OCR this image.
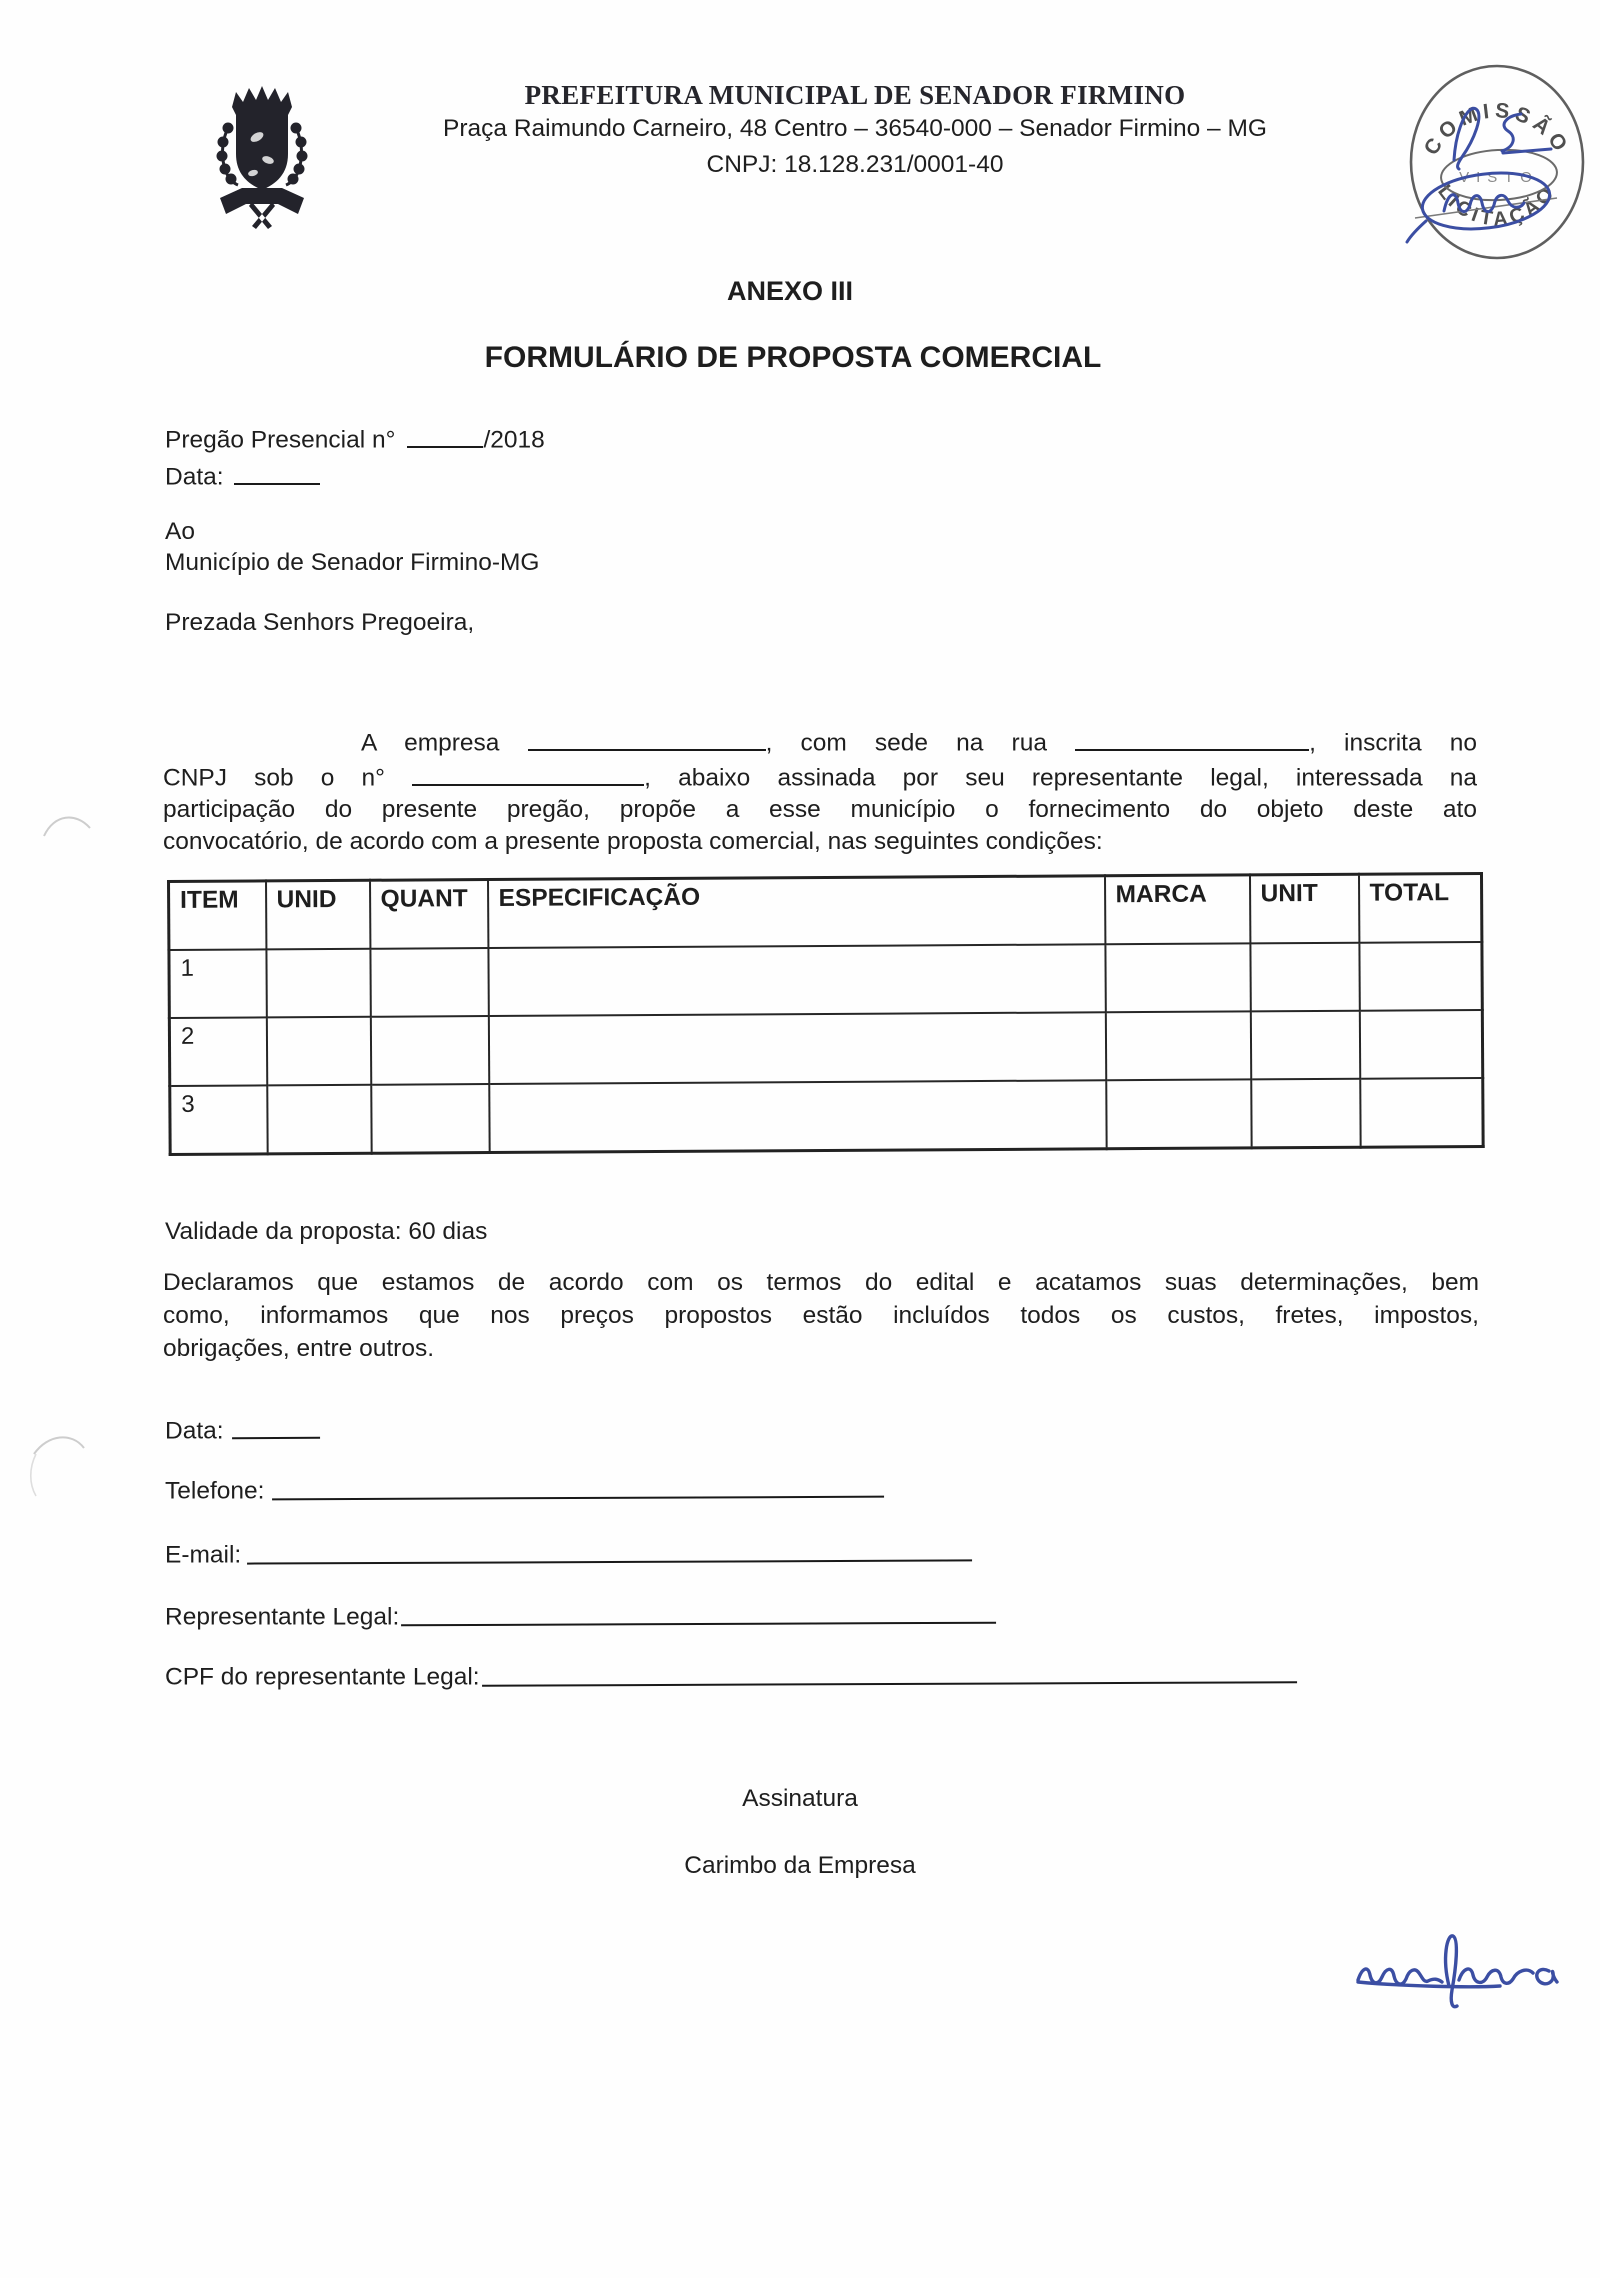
PREFEITURA MUNICIPAL DE SENADOR FIRMINO
Praça Raimundo Carneiro, 48 Centro – 36540-000 – Senador Firmino – MG
CNPJ: 18.128.231/0001-40
COMISSÃO
LICITAÇÃO
VISTO
ANEXO III
FORMULÁRIO DE PROPOSTA COMERCIAL
Pregão Presencial n°	/2018
Data:
Ao
Município de Senador Firmino-MG
Prezada Senhors Pregoeira,
A empresa	, com sede na rua	, inscrita no
CNPJ sob o n°	, abaixo assinada por seu representante legal, interessada na
participação do presente pregão, propõe a esse município o fornecimento do objeto deste ato
convocatório, de acordo com a presente proposta comercial, nas seguintes condições:
ITEM	UNID	QUANT	ESPECIFICAÇÃO	MARCA	UNIT	TOTAL
1						
2						
3						
Validade da proposta: 60 dias
Declaramos que estamos de acordo com os termos do edital e acatamos suas determinações, bem
como, informamos que nos preços propostos estão incluídos todos os custos, fretes, impostos,
obrigações, entre outros.
Data:
Telefone:
E-mail:
Representante Legal:
CPF do representante Legal:
Assinatura
Carimbo da Empresa
